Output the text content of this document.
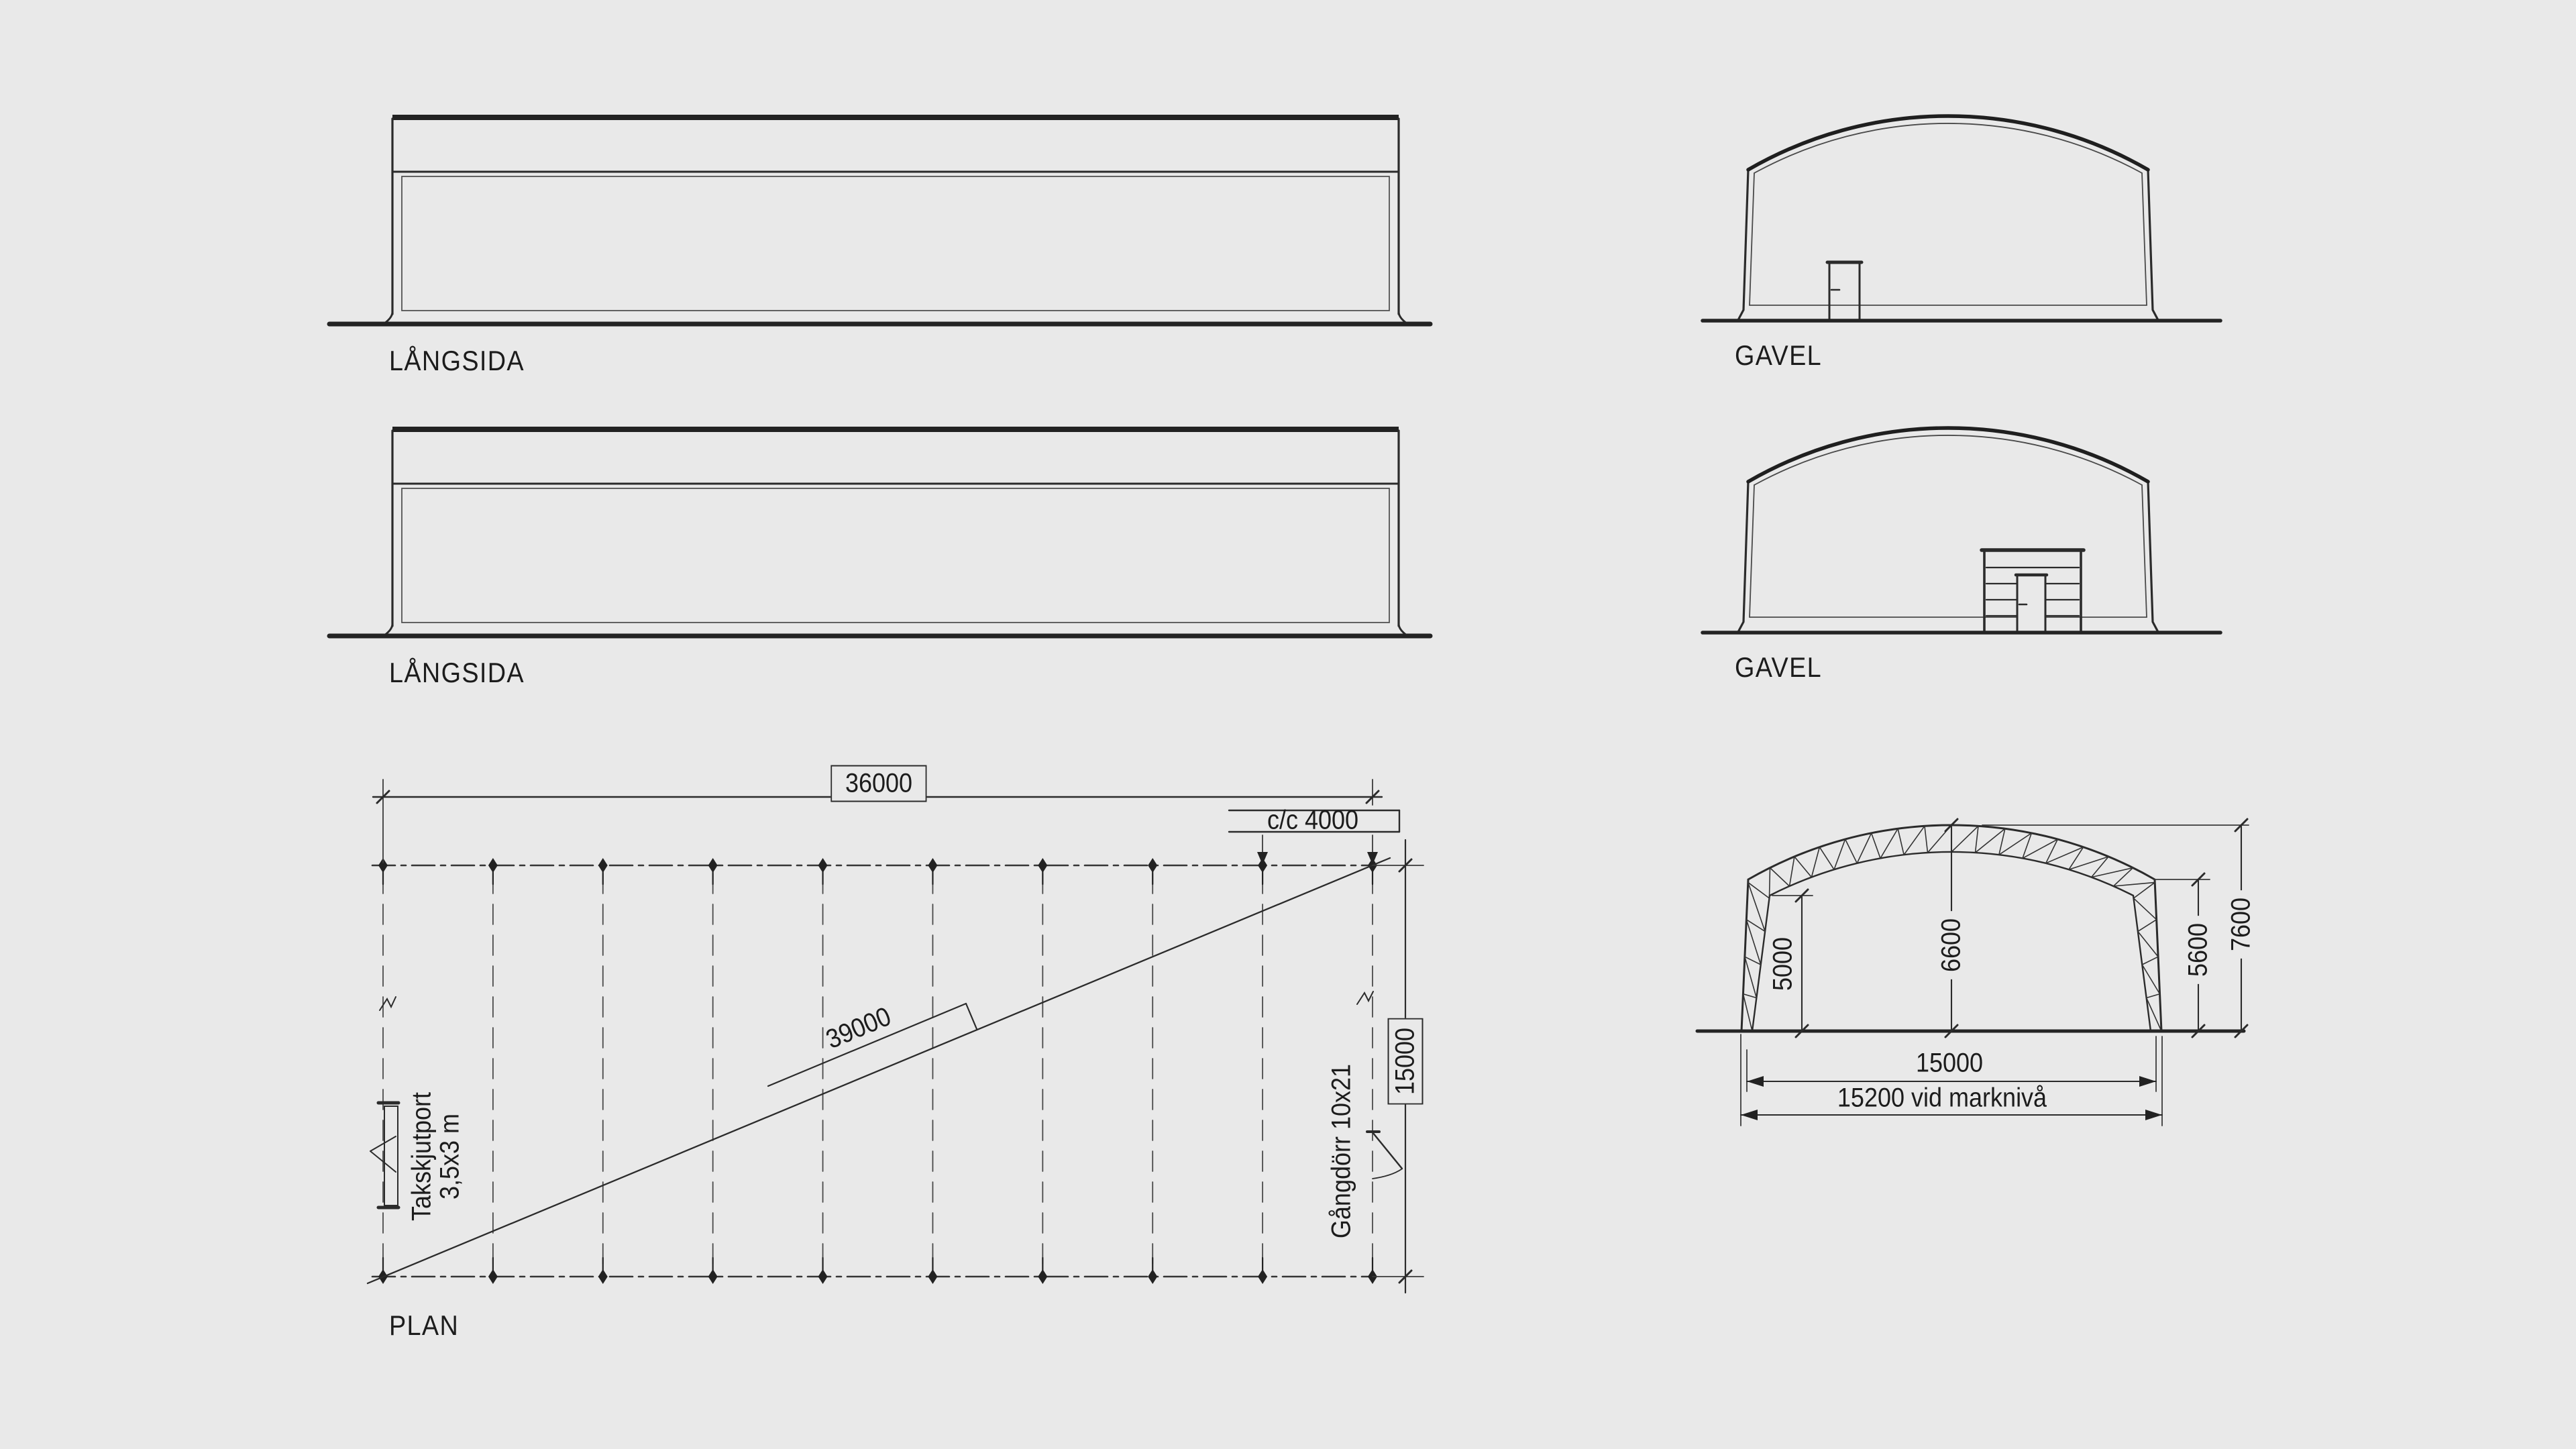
LÅNGSIDA
LÅNGSIDA
GAVEL
GAVEL
PLAN
36000
c/c 4000
39000	15000
Takskjutport
3,5x3 m	Gångdörr 10x21
5000	6600	5600 7600
15000
15200 vid marknivå
